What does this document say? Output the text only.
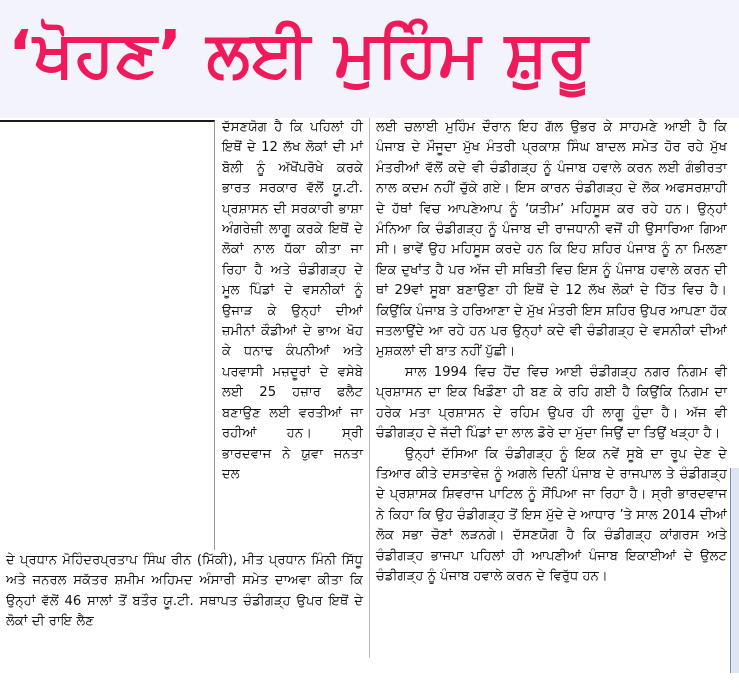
‘ਖੋਹਣ’ ਲਈ ਮੁਹਿੰਮ ਸ਼ੁਰੂ

ਦੱਸਣਯੋਗ ਹੈ ਕਿ ਪਹਿਲਾਂ ਹੀ ਇਥੋਂ ਦੇ 12 ਲੱਖ ਲੋਕਾਂ ਦੀ ਮਾਂ ਬੋਲੀ ਨੂੰ ਅੱਖੋਂਪਰੋਖੇ ਕਰਕੇ ਭਾਰਤ ਸਰਕਾਰ ਵੱਲੋਂ ਯੂ.ਟੀ. ਪ੍ਰਸ਼ਾਸਨ ਦੀ ਸਰਕਾਰੀ ਭਾਸ਼ਾ ਅੰਗਰੇਜ਼ੀ ਲਾਗੂ ਕਰਕੇ ਇਥੋਂ ਦੇ ਲੋਕਾਂ ਨਾਲ ਧੱਕਾ ਕੀਤਾ ਜਾ ਰਿਹਾ ਹੈ ਅਤੇ ਚੰਡੀਗੜ੍ਹ ਦੇ ਮੂਲ ਪਿੰਡਾਂ ਦੇ ਵਸਨੀਕਾਂ ਨੂੰ ਉਜਾੜ ਕੇ ਉਨ੍ਹਾਂ ਦੀਆਂ ਜ਼ਮੀਨਾਂ ਕੌਡੀਆਂ ਦੇ ਭਾਅ ਖੋਹ ਕੇ ਧਨਾਢ ਕੰਪਨੀਆਂ ਅਤੇ ਪਰਵਾਸੀ ਮਜ਼ਦੂਰਾਂ ਦੇ ਵਸੇਬੇ ਲਈ 25 ਹਜ਼ਾਰ ਫਲੈਟ ਬਣਾਉਣ ਲਈ ਵਰਤੀਆਂ ਜਾ ਰਹੀਆਂ ਹਨ। ਸ੍ਰੀ ਭਾਰਦਵਾਜ ਨੇ ਯੁਵਾ ਜਨਤਾ ਦਲ

ਲਈ ਚਲਾਈ ਮੁਹਿੰਮ ਦੌਰਾਨ ਇਹ ਗੱਲ ਉਭਰ ਕੇ ਸਾਹਮਣੇ ਆਈ ਹੈ ਕਿ ਪੰਜਾਬ ਦੇ ਮੌਜੂਦਾ ਮੁੱਖ ਮੰਤਰੀ ਪ੍ਰਕਾਸ਼ ਸਿੰਘ ਬਾਦਲ ਸਮੇਤ ਹੋਰ ਰਹੇ ਮੁੱਖ ਮੰਤਰੀਆਂ ਵੱਲੋਂ ਕਦੇ ਵੀ ਚੰਡੀਗੜ੍ਹ ਨੂੰ ਪੰਜਾਬ ਹਵਾਲੇ ਕਰਨ ਲਈ ਗੰਭੀਰਤਾ ਨਾਲ ਕਦਮ ਨਹੀਂ ਚੁੱਕੇ ਗਏ। ਇਸ ਕਾਰਨ ਚੰਡੀਗੜ੍ਹ ਦੇ ਲੋਕ ਅਫਸਰਸ਼ਾਹੀ ਦੇ ਹੱਥਾਂ ਵਿਚ ਆਪਣੇਆਪ ਨੂੰ ‘ਯਤੀਮ’ ਮਹਿਸੂਸ ਕਰ ਰਹੇ ਹਨ। ਉਨ੍ਹਾਂ ਮੰਨਿਆ ਕਿ ਚੰਡੀਗੜ੍ਹ ਨੂੰ ਪੰਜਾਬ ਦੀ ਰਾਜਧਾਨੀ ਵਜੋਂ ਹੀ ਉਸਾਰਿਆ ਗਿਆ ਸੀ। ਭਾਵੇਂ ਉਹ ਮਹਿਸੂਸ ਕਰਦੇ ਹਨ ਕਿ ਇਹ ਸ਼ਹਿਰ ਪੰਜਾਬ ਨੂੰ ਨਾ ਮਿਲਣਾ ਇਕ ਦੁਖਾਂਤ ਹੈ ਪਰ ਅੱਜ ਦੀ ਸਥਿਤੀ ਵਿਚ ਇਸ ਨੂੰ ਪੰਜਾਬ ਹਵਾਲੇ ਕਰਨ ਦੀ ਥਾਂ 29ਵਾਂ ਸੂਬਾ ਬਣਾਉਣਾ ਹੀ ਇਥੋਂ ਦੇ 12 ਲੱਖ ਲੋਕਾਂ ਦੇ ਹਿੱਤ ਵਿਚ ਹੈ। ਕਿਉਂਕਿ ਪੰਜਾਬ ਤੇ ਹਰਿਆਣਾ ਦੇ ਮੁੱਖ ਮੰਤਰੀ ਇਸ ਸ਼ਹਿਰ ਉਪਰ ਆਪਣਾ ਹੱਕ ਜਤਲਾਉਂਦੇ ਆ ਰਹੇ ਹਨ ਪਰ ਉਨ੍ਹਾਂ ਕਦੇ ਵੀ ਚੰਡੀਗੜ੍ਹ ਦੇ ਵਸਨੀਕਾਂ ਦੀਆਂ ਮੁਸ਼ਕਲਾਂ ਦੀ ਬਾਤ ਨਹੀਂ ਪੁੱਛੀ।

ਸਾਲ 1994 ਵਿਚ ਹੋਂਦ ਵਿਚ ਆਈ ਚੰਡੀਗੜ੍ਹ ਨਗਰ ਨਿਗਮ ਵੀ ਪ੍ਰਸ਼ਾਸਨ ਦਾ ਇਕ ਖਿਡੌਣਾ ਹੀ ਬਣ ਕੇ ਰਹਿ ਗਈ ਹੈ ਕਿਉਂਕਿ ਨਿਗਮ ਦਾ ਹਰੇਕ ਮਤਾ ਪ੍ਰਸ਼ਾਸਨ ਦੇ ਰਹਿਮ ਉਪਰ ਹੀ ਲਾਗੂ ਹੁੰਦਾ ਹੈ। ਅੱਜ ਵੀ ਚੰਡੀਗੜ੍ਹ ਦੇ ਜੱਦੀ ਪਿੰਡਾਂ ਦਾ ਲਾਲ ਡੋਰੇ ਦਾ ਮੁੱਦਾ ਜਿਉਂ ਦਾ ਤਿਉਂ ਖੜ੍ਹਾ ਹੈ।

ਉਨ੍ਹਾਂ ਦੱਸਿਆ ਕਿ ਚੰਡੀਗੜ੍ਹ ਨੂੰ ਇਕ ਨਵੇਂ ਸੂਬੇ ਦਾ ਰੂਪ ਦੇਣ ਦੇ ਤਿਆਰ ਕੀਤੇ ਦਸਤਾਵੇਜ਼ ਨੂੰ ਅਗਲੇ ਦਿਨੀਂ ਪੰਜਾਬ ਦੇ ਰਾਜਪਾਲ ਤੇ ਚੰਡੀਗੜ੍ਹ ਦੇ ਪ੍ਰਸ਼ਾਸਕ ਸ਼ਿਵਰਾਜ ਪਾਟਿਲ ਨੂੰ ਸੌਂਪਿਆ ਜਾ ਰਿਹਾ ਹੈ। ਸ੍ਰੀ ਭਾਰਦਵਾਜ ਨੇ ਕਿਹਾ ਕਿ ਉਹ ਚੰਡੀਗੜ੍ਹ ਤੋਂ ਇਸ ਮੁੱਦੇ ਦੇ ਆਧਾਰ ’ਤੇ ਸਾਲ 2014 ਦੀਆਂ ਲੋਕ ਸਭਾ ਚੋਣਾਂ ਲੜਨਗੇ। ਦੱਸਣਯੋਗ ਹੈ ਕਿ ਚੰਡੀਗੜ੍ਹ ਕਾਂਗਰਸ ਅਤੇ ਚੰਡੀਗੜ੍ਹ ਭਾਜਪਾ ਪਹਿਲਾਂ ਹੀ ਆਪਣੀਆਂ ਪੰਜਾਬ ਇਕਾਈਆਂ ਦੇ ਉਲਟ ਚੰਡੀਗੜ੍ਹ ਨੂੰ ਪੰਜਾਬ ਹਵਾਲੇ ਕਰਨ ਦੇ ਵਿਰੁੱਧ ਹਨ।

ਦੇ ਪ੍ਰਧਾਨ ਮੋਹਿੰਦਰਪ੍ਰਤਾਪ ਸਿੰਘ ਰੀਨ (ਮਿੱਕੀ), ਮੀਤ ਪ੍ਰਧਾਨ ਮਿੰਨੀ ਸਿੱਧੂ ਅਤੇ ਜਨਰਲ ਸਕੱਤਰ ਸ਼ਮੀਮ ਅਹਿਮਦ ਅੰਸਾਰੀ ਸਮੇਤ ਦਾਅਵਾ ਕੀਤਾ ਕਿ ਉਨ੍ਹਾਂ ਵੱਲੋਂ 46 ਸਾਲਾਂ ਤੋਂ ਬਤੌਰ ਯੂ.ਟੀ. ਸਥਾਪਤ ਚੰਡੀਗੜ੍ਹ ਉਪਰ ਇਥੋਂ ਦੇ ਲੋਕਾਂ ਦੀ ਰਾਇ ਲੈਣ
